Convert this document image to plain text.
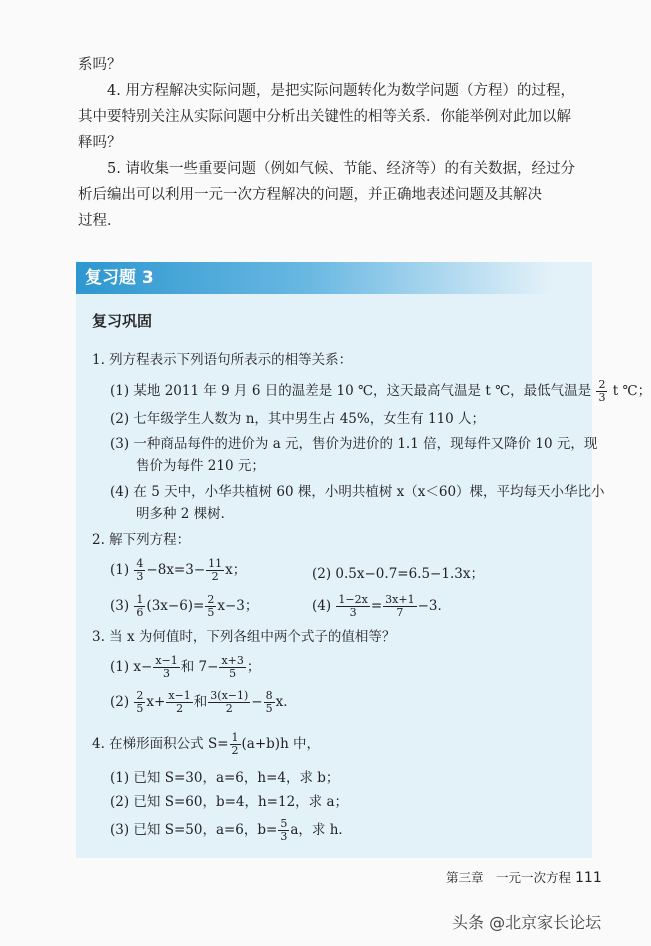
系吗？

4. 用方程解决实际问题，是把实际问题转化为数学问题（方程）的过程，

其中要特别关注从实际问题中分析出关键性的相等关系．你能举例对此加以解

释吗？

5. 请收集一些重要问题（例如气候、节能、经济等）的有关数据，经过分

析后编出可以利用一元一次方程解决的问题，并正确地表述问题及其解决

过程．

复习题 3
复习巩固
1. 列方程表示下列语句所表示的相等关系：
(1) 某地 2011 年 9 月 6 日的温差是 10 ℃，这天最高气温是 t ℃，最低气温是 $\frac{2}{3}$ t ℃；
(2) 七年级学生人数为 n，其中男生占 45%，女生有 110 人；
(3) 一种商品每件的进价为 a 元，售价为进价的 1.1 倍，现每件又降价 10 元，现
售价为每件 210 元；
(4) 在 5 天中，小华共植树 60 棵，小明共植树 x（x＜60）棵，平均每天小华比小
明多种 2 棵树．
2. 解下列方程：
$(1) \frac{4}{3} -8x=3- \frac{11}{2}$ x；	(2) 0.5x−0.7=6.5−1.3x；
$(3) \frac{1}{6} (3x-6)= \frac{2}{5} x-3$；	$(4) \frac{1-2x}{3} = \frac{3x+1}{7} -3$．
3. 当 x 为何值时，下列各组中两个式子的值相等？
(1) $x- \frac{x-1}{3}$ 和 $7- \frac{x+3}{5}$ ；
$(2) \frac{2}{5} x+ \frac{x-1}{2}$ 和 $\frac{3(x-1)}{2} - \frac{8}{5}$ x．
4. 在梯形面积公式 $S= \frac{1}{2} (a+b)h$ 中，
(1) 已知 S=30，a=6，h=4，求 b；
(2) 已知 S=60，b=4，h=12，求 a；
(3) 已知 S=50，a=6，$b= \frac{5}{3}$ a，求 h．
第三章　一元一次方程 111
头条 @北京家长论坛
